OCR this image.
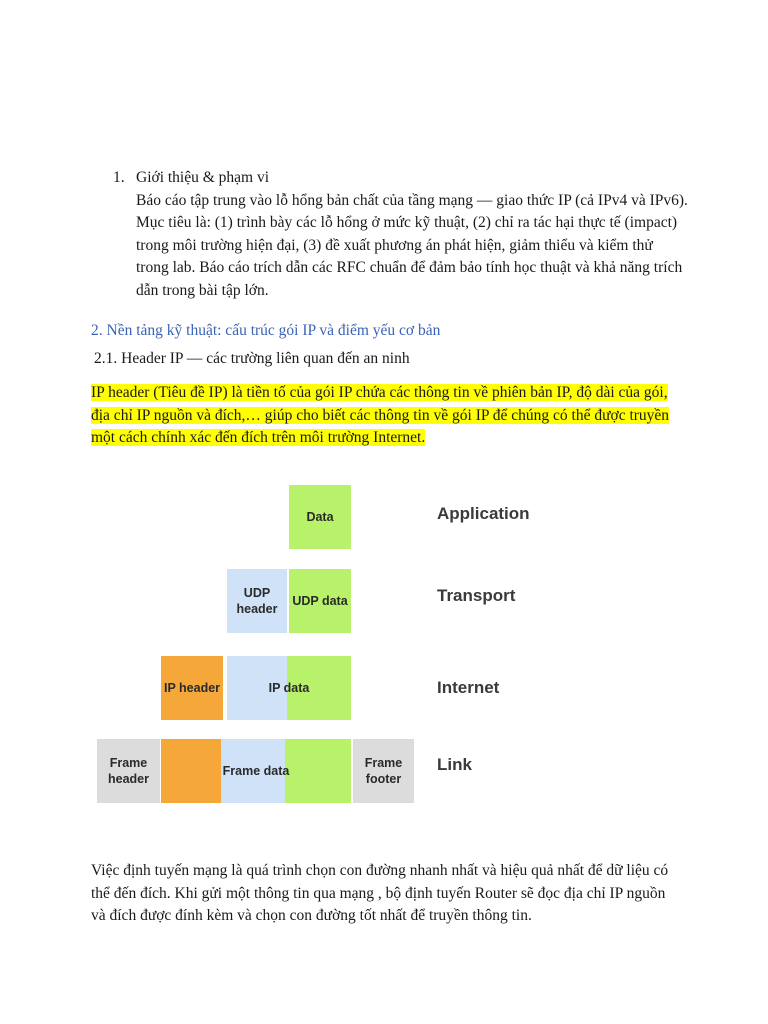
1. Giới thiệu & phạm vi
Báo cáo tập trung vào lỗ hổng bản chất của tầng mạng — giao thức IP (cả IPv4 và IPv6). Mục tiêu là: (1) trình bày các lỗ hổng ở mức kỹ thuật, (2) chỉ ra tác hại thực tế (impact) trong môi trường hiện đại, (3) đề xuất phương án phát hiện, giảm thiểu và kiểm thử trong lab. Báo cáo trích dẫn các RFC chuẩn để đảm bảo tính học thuật và khả năng trích dẫn trong bài tập lớn.
2. Nền tảng kỹ thuật: cấu trúc gói IP và điểm yếu cơ bản
2.1. Header IP — các trường liên quan đến an ninh
IP header (Tiêu đề IP) là tiền tố của gói IP chứa các thông tin về phiên bản IP, độ dài của gói, địa chỉ IP nguồn và đích,… giúp cho biết các thông tin về gói IP để chúng có thể được truyền một cách chính xác đến đích trên môi trường Internet.
Data
UDP header
UDP data
IP header	IP data
Frame header
Frame data
Frame footer
Application
Transport
Internet
Link
Việc định tuyến mạng là quá trình chọn con đường nhanh nhất và hiệu quả nhất để dữ liệu có thể đến đích. Khi gửi một thông tin qua mạng , bộ định tuyến Router sẽ đọc địa chỉ IP nguồn và đích được đính kèm và chọn con đường tốt nhất để truyền thông tin.
